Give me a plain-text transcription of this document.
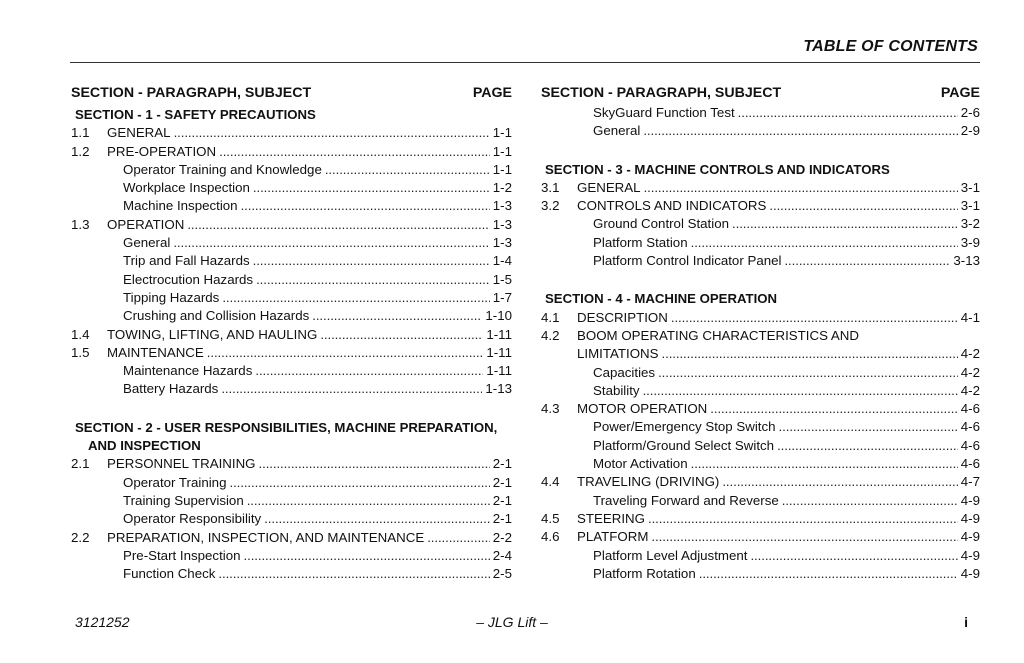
TABLE OF CONTENTS
SECTION - PARAGRAPH, SUBJECT	PAGE
SECTION - 1 - SAFETY PRECAUTIONS
1.1	GENERAL . . .	1-1
1.2	PRE-OPERATION . . .	1-1
Operator Training and Knowledge . . .	1-1
Workplace Inspection . . .	1-2
Machine Inspection . . .	1-3
1.3	OPERATION . . .	1-3
General . . .	1-3
Trip and Fall Hazards . . .	1-4
Electrocution Hazards . . .	1-5
Tipping Hazards . . .	1-7
Crushing and Collision Hazards . . .	1-10
1.4	TOWING, LIFTING, AND HAULING . . .	1-11
1.5	MAINTENANCE . . .	1-11
Maintenance Hazards . . .	1-11
Battery Hazards . . .	1-13
SECTION - 2 - USER RESPONSIBILITIES, MACHINE PREPARATION,
AND INSPECTION
2.1	PERSONNEL TRAINING . . .	2-1
Operator Training . . .	2-1
Training Supervision . . .	2-1
Operator Responsibility . . .	2-1
2.2	PREPARATION, INSPECTION, AND MAINTENANCE . . .	2-2
Pre-Start Inspection . . .	2-4
Function Check . . .	2-5
SECTION - PARAGRAPH, SUBJECT	PAGE
SkyGuard Function Test . . .	2-6
General . . .	2-9
SECTION - 3 - MACHINE CONTROLS AND INDICATORS
3.1	GENERAL . . .	3-1
3.2	CONTROLS AND INDICATORS . . .	3-1
Ground Control Station . . .	3-2
Platform Station . . .	3-9
Platform Control Indicator Panel . . .	3-13
SECTION - 4 - MACHINE OPERATION
4.1	DESCRIPTION . . .	4-1
4.2	BOOM OPERATING CHARACTERISTICS AND
LIMITATIONS . . .	4-2
Capacities . . .	4-2
Stability . . .	4-2
4.3	MOTOR OPERATION . . .	4-6
Power/Emergency Stop Switch . . .	4-6
Platform/Ground Select Switch . . .	4-6
Motor Activation . . .	4-6
4.4	TRAVELING (DRIVING) . . .	4-7
Traveling Forward and Reverse . . .	4-9
4.5	STEERING . . .	4-9
4.6	PLATFORM . . .	4-9
Platform Level Adjustment . . .	4-9
Platform Rotation . . .	4-9
3121252	– JLG Lift –	i
